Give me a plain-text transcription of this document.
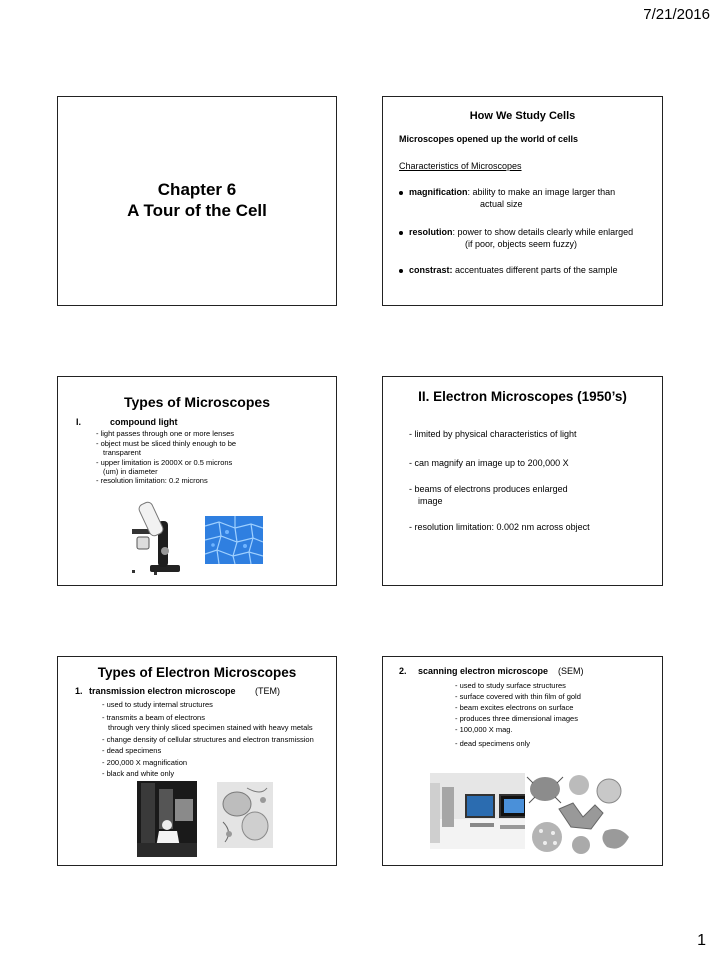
7/21/2016
Chapter 6
A Tour of the Cell
How We Study Cells
Microscopes opened up the world of cells
Characteristics of Microscopes
magnification: ability to make an image larger than
actual size
resolution: power to show details clearly while enlarged
(if poor, objects seem fuzzy)
constrast: accentuates different parts of the sample
Types of Microscopes
I.	compound light
- light passes through one or more lenses
- object must be sliced thinly enough to be
transparent
- upper limitation is 2000X or 0.5 microns
(um) in diameter
- resolution limitation: 0.2 microns
II. Electron Microscopes (1950’s)
- limited by physical characteristics of light
- can magnify an image up to 200,000 X
- beams of electrons produces enlarged
image
- resolution limitation: 0.002 nm across object
Types of Electron Microscopes
1. transmission electron microscope (TEM)
- used to study internal structures
- transmits a beam of electrons
through very thinly sliced specimen stained with heavy metals
- change density of cellular structures and electron transmission
- dead specimens
- 200,000 X magnification
- black and white only
2. scanning electron microscope (SEM)
- used to study surface structures
- surface covered with thin film of gold
- beam excites electrons on surface
- produces three dimensional images
- 100,000 X mag.
- dead specimens only
1
